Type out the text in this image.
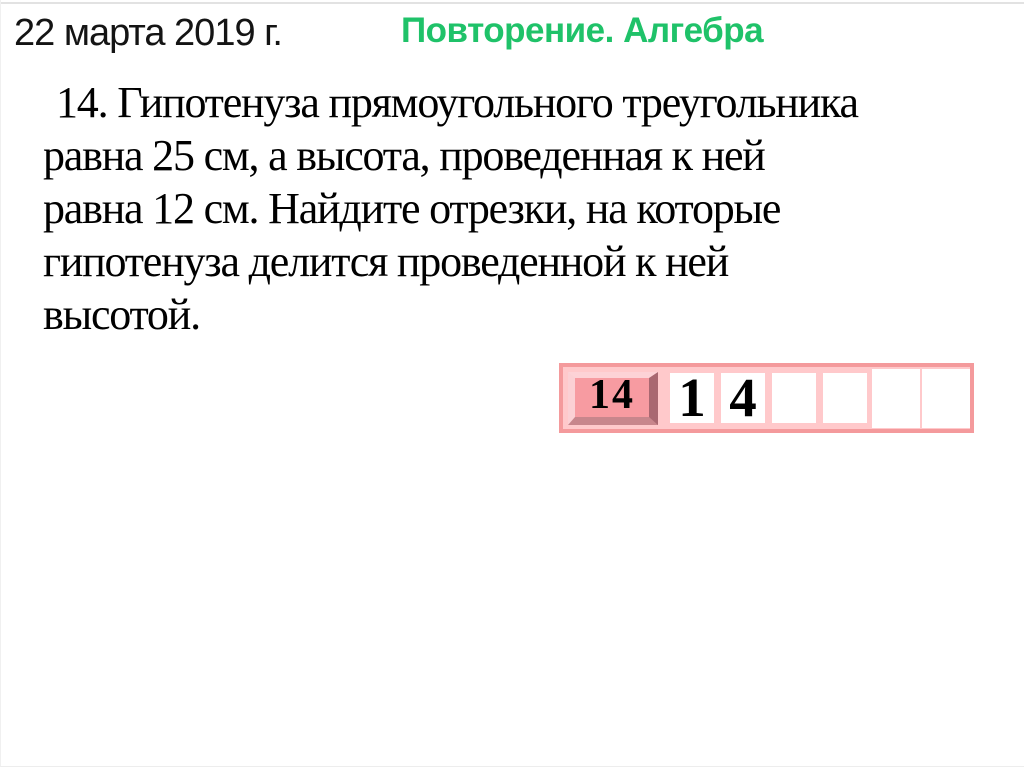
22 марта 2019 г.	Повторение. Алгебра
14. Гипотенуза прямоугольного треугольника
равна 25 см, а высота, проведенная к ней
равна 12 см. Найдите отрезки, на которые
гипотенуза делится проведенной к ней
высотой.
14 1 4
